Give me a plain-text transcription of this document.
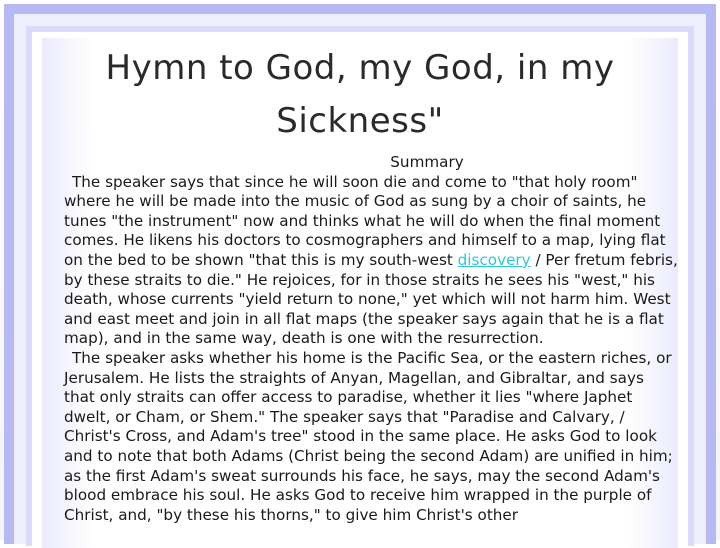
Hymn to God, my God, in my Sickness"

Summary

The speaker says that since he will soon die and come to "that holy room" where he will be made into the music of God as sung by a choir of saints, he tunes "the instrument" now and thinks what he will do when the final moment comes. He likens his doctors to cosmographers and himself to a map, lying flat on the bed to be shown "that this is my south-west discovery / Per fretum febris, by these straits to die." He rejoices, for in those straits he sees his "west," his death, whose currents "yield return to none," yet which will not harm him. West and east meet and join in all flat maps (the speaker says again that he is a flat map), and in the same way, death is one with the resurrection.

The speaker asks whether his home is the Pacific Sea, or the eastern riches, or Jerusalem. He lists the straights of Anyan, Magellan, and Gibraltar, and says that only straits can offer access to paradise, whether it lies "where Japhet dwelt, or Cham, or Shem." The speaker says that "Paradise and Calvary, / Christ's Cross, and Adam's tree" stood in the same place. He asks God to look and to note that both Adams (Christ being the second Adam) are unified in him; as the first Adam's sweat surrounds his face, he says, may the second Adam's blood embrace his soul. He asks God to receive him wrapped in the purple of Christ, and, "by these his thorns," to give him Christ's other
